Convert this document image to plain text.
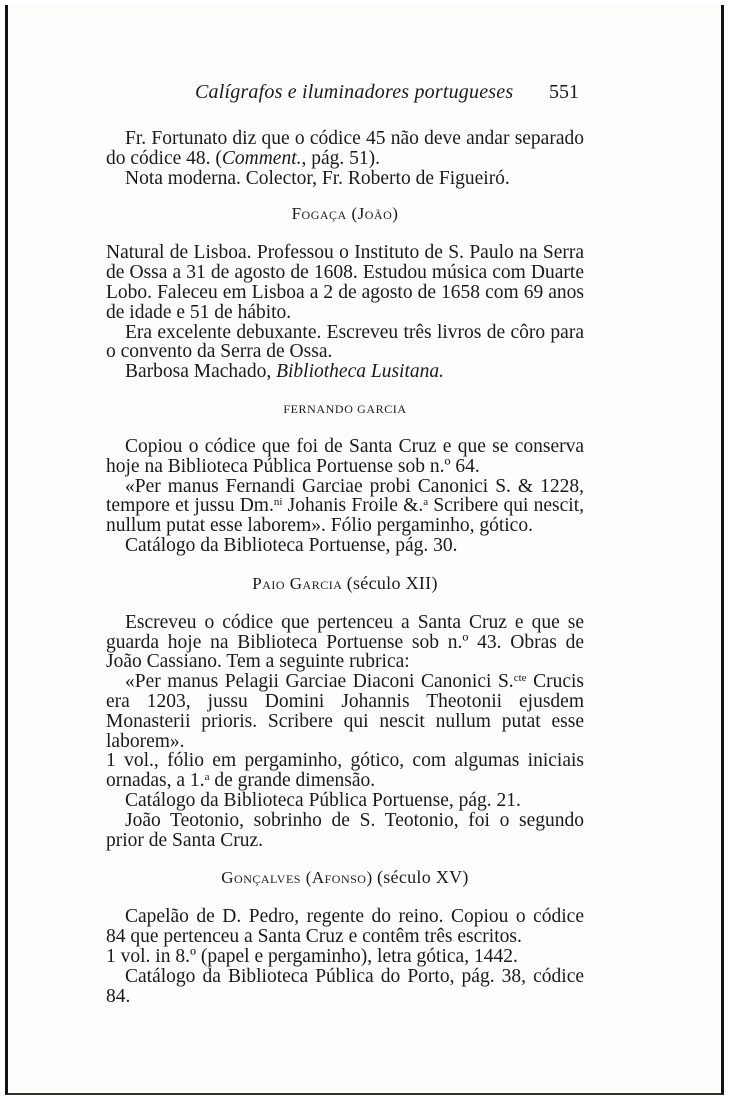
Calígrafos e iluminadores portugueses 551

Fr. Fortunato diz que o códice 45 não deve andar separado do códice 48. (Comment., pág. 51).

Nota moderna. Colector, Fr. Roberto de Figueiró.

Fogaça (João)

Natural de Lisboa. Professou o Instituto de S. Paulo na Serra de Ossa a 31 de agosto de 1608. Estudou música com Duarte Lobo. Faleceu em Lisboa a 2 de agosto de 1658 com 69 anos de idade e 51 de hábito.

Era excelente debuxante. Escreveu três livros de côro para o convento da Serra de Ossa.

Barbosa Machado, Bibliotheca Lusitana.

FERNANDO GARCIA

Copiou o códice que foi de Santa Cruz e que se conserva hoje na Biblioteca Pública Portuense sob n.º 64.

«Per manus Fernandi Garciae probi Canonici S. & 1228, tempore et jussu Dm.$^{ni}$ Johanis Froile &.$^a$ Scribere qui nescit, nullum putat esse laborem». Fólio pergaminho, gótico.

Catálogo da Biblioteca Portuense, pág. 30.

Paio Garcia (século XII)

Escreveu o códice que pertenceu a Santa Cruz e que se guarda hoje na Biblioteca Portuense sob n.º 43. Obras de João Cassiano. Tem a seguinte rubrica:

«Per manus Pelagii Garciae Diaconi Canonici S.$^{cte}$ Crucis era 1203, jussu Domini Johannis Theotonii ejusdem Monasterii prioris. Scribere qui nescit nullum putat esse laborem».

1 vol., fólio em pergaminho, gótico, com algumas iniciais ornadas, a 1.$^a$ de grande dimensão.

Catálogo da Biblioteca Pública Portuense, pág. 21.

João Teotonio, sobrinho de S. Teotonio, foi o segundo prior de Santa Cruz.

Gonçalves (Afonso) (século XV)

Capelão de D. Pedro, regente do reino. Copiou o códice 84 que pertenceu a Santa Cruz e contêm três escritos.

1 vol. in 8.º (papel e pergaminho), letra gótica, 1442.

Catálogo da Biblioteca Pública do Porto, pág. 38, códice 84.
